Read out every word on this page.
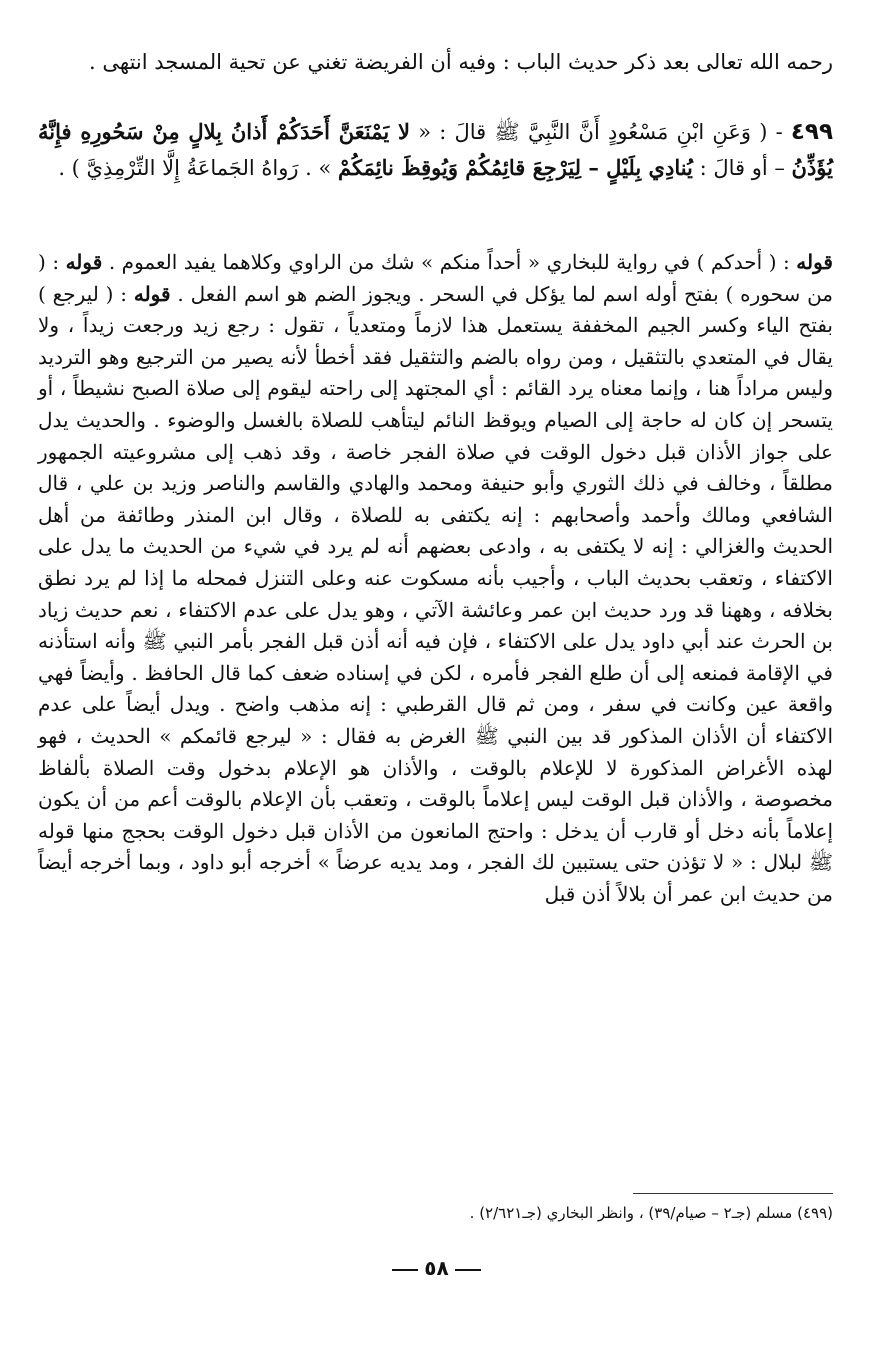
رحمه الله تعالى بعد ذكر حديث الباب : وفيه أن الفريضة تغني عن تحية المسجد انتهى .

٤٩٩ - ( وَعَنِ ابْنِ مَسْعُودٍ أَنَّ النَّبِيَّ ﷺ قالَ : « لا يَمْنَعَنَّ أَحَدَكُمْ أَذانُ بِلالٍ مِنْ سَحُورِهِ فإِنَّهُ يُؤَذِّنُ – أو قالَ : يُنادِي بِلَيْلٍ – لِيَرْجِعَ قائِمُكُمْ وَيُوقِظَ نائِمَكُمْ » . رَواهُ الجَماعَةُ إِلَّا التِّرْمِذِيَّ ) .

قوله : ( أحدكم ) في رواية للبخاري « أحداً منكم » شك من الراوي وكلاهما يفيد العموم . قوله : ( من سحوره ) بفتح أوله اسم لما يؤكل في السحر . ويجوز الضم هو اسم الفعل . قوله : ( ليرجع ) بفتح الياء وكسر الجيم المخففة يستعمل هذا لازماً ومتعدياً ، تقول : رجع زيد ورجعت زيداً ، ولا يقال في المتعدي بالتثقيل ، ومن رواه بالضم والتثقيل فقد أخطأ لأنه يصير من الترجيع وهو الترديد وليس مراداً هنا ، وإنما معناه يرد القائم : أي المجتهد إلى راحته ليقوم إلى صلاة الصبح نشيطاً ، أو يتسحر إن كان له حاجة إلى الصيام ويوقظ النائم ليتأهب للصلاة بالغسل والوضوء . والحديث يدل على جواز الأذان قبل دخول الوقت في صلاة الفجر خاصة ، وقد ذهب إلى مشروعيته الجمهور مطلقاً ، وخالف في ذلك الثوري وأبو حنيفة ومحمد والهادي والقاسم والناصر وزيد بن علي ، قال الشافعي ومالك وأحمد وأصحابهم : إنه يكتفى به للصلاة ، وقال ابن المنذر وطائفة من أهل الحديث والغزالي : إنه لا يكتفى به ، وادعى بعضهم أنه لم يرد في شيء من الحديث ما يدل على الاكتفاء ، وتعقب بحديث الباب ، وأجيب بأنه مسكوت عنه وعلى التنزل فمحله ما إذا لم يرد نطق بخلافه ، وههنا قد ورد حديث ابن عمر وعائشة الآتي ، وهو يدل على عدم الاكتفاء ، نعم حديث زياد بن الحرث عند أبي داود يدل على الاكتفاء ، فإن فيه أنه أذن قبل الفجر بأمر النبي ﷺ وأنه استأذنه في الإقامة فمنعه إلى أن طلع الفجر فأمره ، لكن في إسناده ضعف كما قال الحافظ . وأيضاً فهي واقعة عين وكانت في سفر ، ومن ثم قال القرطبي : إنه مذهب واضح . ويدل أيضاً على عدم الاكتفاء أن الأذان المذكور قد بين النبي ﷺ الغرض به فقال : « ليرجع قائمكم » الحديث ، فهو لهذه الأغراض المذكورة لا للإعلام بالوقت ، والأذان هو الإعلام بدخول وقت الصلاة بألفاظ مخصوصة ، والأذان قبل الوقت ليس إعلاماً بالوقت ، وتعقب بأن الإعلام بالوقت أعم من أن يكون إعلاماً بأنه دخل أو قارب أن يدخل : واحتج المانعون من الأذان قبل دخول الوقت بحجج منها قوله ﷺ لبلال : « لا تؤذن حتى يستبين لك الفجر ، ومد يديه عرضاً » أخرجه أبو داود ، وبما أخرجه أيضاً من حديث ابن عمر أن بلالاً أذن قبل

(٤٩٩) مسلم (جـ٢ – صيام/٣٩) ، وانظر البخاري (جـ٢/٦٢١) .

٥٨
